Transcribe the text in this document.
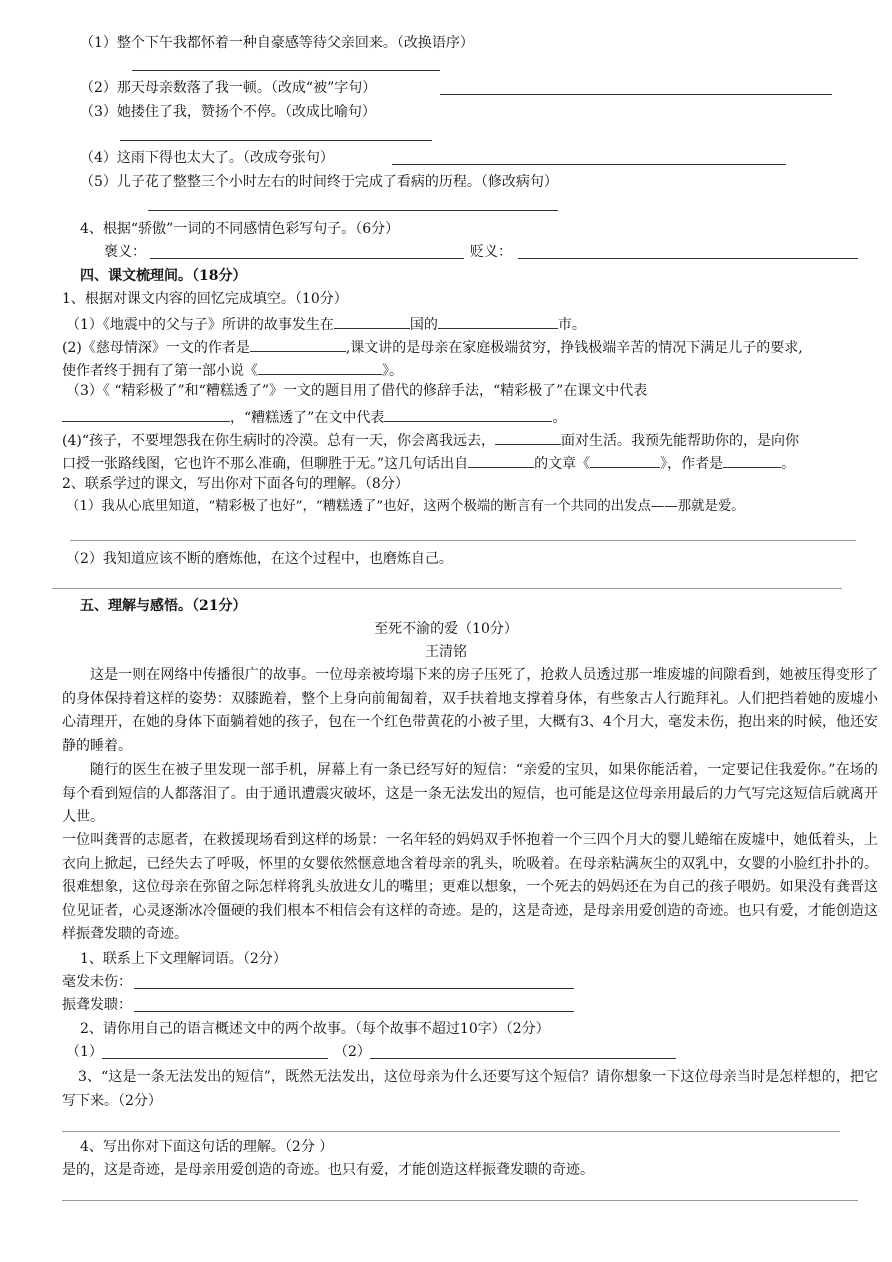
（1）整个下午我都怀着一种自豪感等待父亲回来。（改换语序）
（2）那天母亲数落了我一顿。（改成“被”字句）
（3）她搂住了我，赞扬个不停。（改成比喻句）
（4）这雨下得也太大了。（改成夸张句）
（5）儿子花了整整三个小时左右的时间终于完成了看病的历程。（修改病句）
4、根据“骄傲”一词的不同感情色彩写句子。（6分）
褒义：	贬义：
四、课文梳理间。（18分）
1、根据对课文内容的回忆完成填空。（10分）
（1）《地震中的父与子》所讲的故事发生在	国的	市。
(2)《慈母情深》一文的作者是	,课文讲的是母亲在家庭极端贫穷，挣钱极端辛苦的情况下满足儿子的要求,
使作者终于拥有了第一部小说《	》。
（3）《 “精彩极了”和“糟糕透了”》一文的题目用了借代的修辞手法，“精彩极了”在课文中代表
，“糟糕透了”在文中代表	。
(4)“孩子，不要埋怨我在你生病时的冷漠。总有一天，你会离我远去，	面对生活。我预先能帮助你的，是向你
口授一张路线图，它也许不那么准确，但聊胜于无。”这几句话出自	的文章《	》，作者是	。
2、联系学过的课文，写出你对下面各句的理解。（8分）
（1）我从心底里知道，“精彩极了也好”，“糟糕透了”也好，这两个极端的断言有一个共同的出发点——那就是爱。
（2）我知道应该不断的磨炼他，在这个过程中，也磨炼自己。
五、理解与感悟。（21分）
至死不渝的爱（10分）
王清铭
这是一则在网络中传播很广的故事。一位母亲被垮塌下来的房子压死了，抢救人员透过那一堆废墟的间隙看到，她被压得变形了的身体保持着这样的姿势：双膝跪着，整个上身向前匍匐着，双手扶着地支撑着身体，有些象古人行跪拜礼。人们把挡着她的废墟小心清理开，在她的身体下面躺着她的孩子，包在一个红色带黄花的小被子里，大概有3、4个月大，毫发未伤，抱出来的时候，他还安静的睡着。
随行的医生在被子里发现一部手机，屏幕上有一条已经写好的短信：“亲爱的宝贝，如果你能活着，一定要记住我爱你。”在场的每个看到短信的人都落泪了。由于通讯遭震灾破坏，这是一条无法发出的短信，也可能是这位母亲用最后的力气写完这短信后就离开人世。
一位叫龚晋的志愿者，在救援现场看到这样的场景：一名年轻的妈妈双手怀抱着一个三四个月大的婴儿蜷缩在废墟中，她低着头，上衣向上掀起，已经失去了呼吸，怀里的女婴依然惬意地含着母亲的乳头，吮吸着。在母亲粘满灰尘的双乳中，女婴的小脸红扑扑的。很难想象，这位母亲在弥留之际怎样将乳头放进女儿的嘴里；更难以想象，一个死去的妈妈还在为自己的孩子喂奶。如果没有龚晋这位见证者，心灵逐渐冰冷僵硬的我们根本不相信会有这样的奇迹。是的，这是奇迹，是母亲用爱创造的奇迹。也只有爱，才能创造这样振聋发聩的奇迹。
1、联系上下文理解词语。（2分）
毫发未伤：
振聋发聩：
2、请你用自己的语言概述文中的两个故事。（每个故事不超过10字）（2分）
（1）	（2）
3、“这是一条无法发出的短信”，既然无法发出，这位母亲为什么还要写这个短信？请你想象一下这位母亲当时是怎样想的，把它写下来。（2分）
4、写出你对下面这句话的理解。（2分 ）
是的，这是奇迹，是母亲用爱创造的奇迹。也只有爱，才能创造这样振聋发聩的奇迹。
